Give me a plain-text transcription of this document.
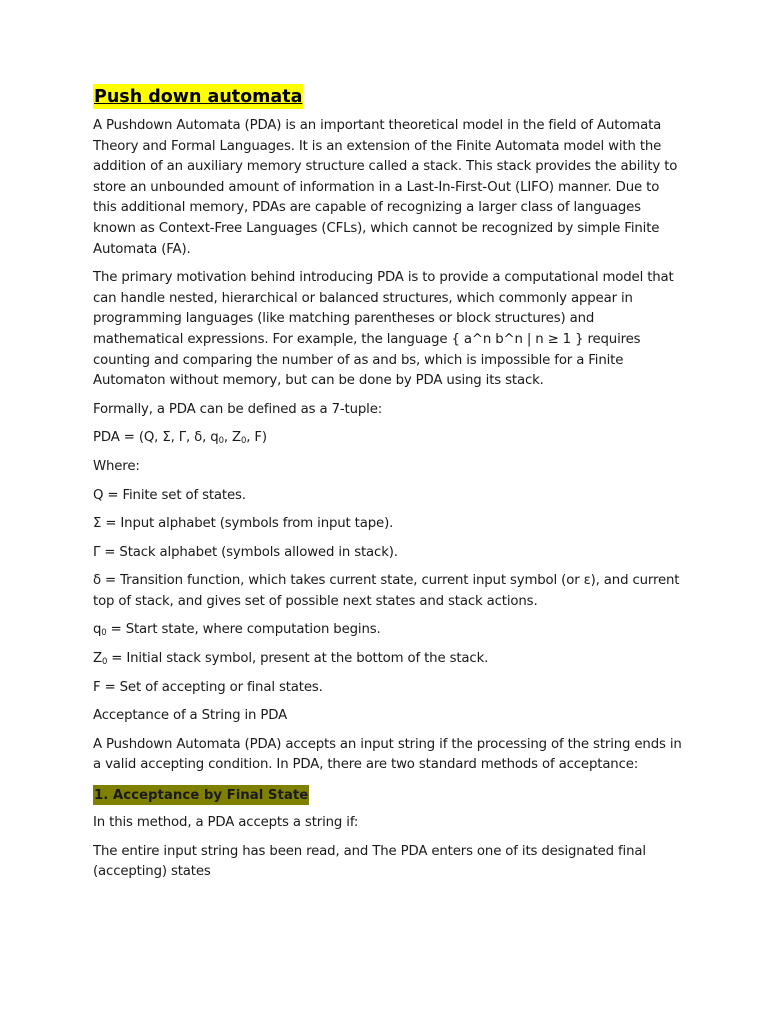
Push down automata

A Pushdown Automata (PDA) is an important theoretical model in the field of Automata Theory and Formal Languages. It is an extension of the Finite Automata model with the addition of an auxiliary memory structure called a stack. This stack provides the ability to store an unbounded amount of information in a Last-In-First-Out (LIFO) manner. Due to this additional memory, PDAs are capable of recognizing a larger class of languages known as Context-Free Languages (CFLs), which cannot be recognized by simple Finite Automata (FA).

The primary motivation behind introducing PDA is to provide a computational model that can handle nested, hierarchical or balanced structures, which commonly appear in programming languages (like matching parentheses or block structures) and mathematical expressions. For example, the language { a^n b^n | n ≥ 1 } requires counting and comparing the number of as and bs, which is impossible for a Finite Automaton without memory, but can be done by PDA using its stack.

Formally, a PDA can be defined as a 7-tuple:

PDA = (Q, Σ, Γ, δ, $q_0$, $Z_0$, F)

Where:

Q = Finite set of states.

Σ = Input alphabet (symbols from input tape).

Γ = Stack alphabet (symbols allowed in stack).

δ = Transition function, which takes current state, current input symbol (or ε), and current top of stack, and gives set of possible next states and stack actions.

$q_0$ = Start state, where computation begins.

$Z_0$ = Initial stack symbol, present at the bottom of the stack.

F = Set of accepting or final states.

Acceptance of a String in PDA

A Pushdown Automata (PDA) accepts an input string if the processing of the string ends in a valid accepting condition. In PDA, there are two standard methods of acceptance:

1. Acceptance by Final State

In this method, a PDA accepts a string if:

The entire input string has been read, and The PDA enters one of its designated final (accepting) states
